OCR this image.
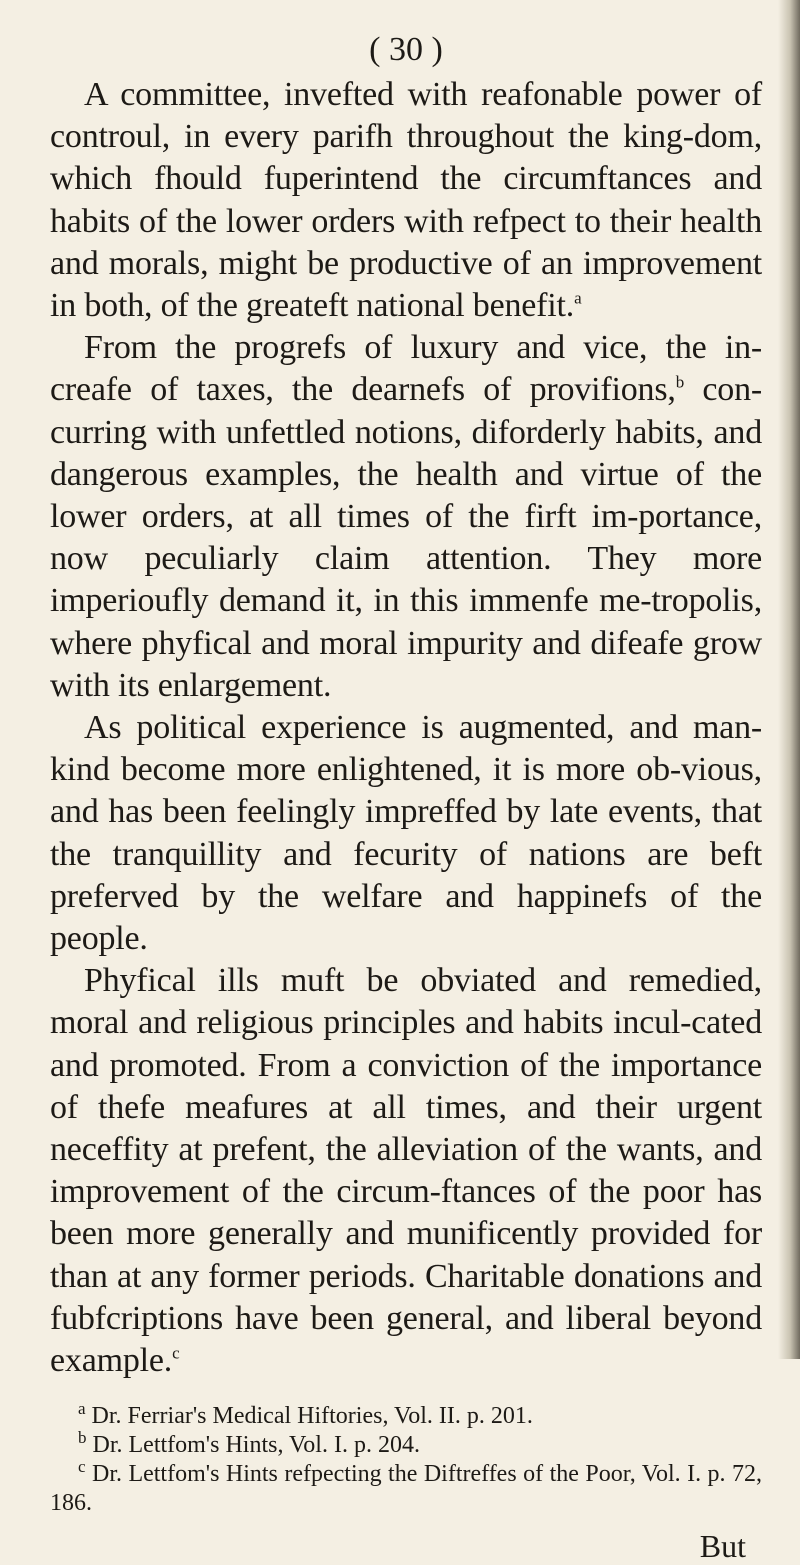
( 30 )

A committee, invefted with reafonable power of controul, in every parifh throughout the king-dom, which fhould fuperintend the circumftances and habits of the lower orders with refpect to their health and morals, might be productive of an improvement in both, of the greateft national benefit.$^a$

From the progrefs of luxury and vice, the in-creafe of taxes, the dearnefs of provifions,$^b$ con-curring with unfettled notions, diforderly habits, and dangerous examples, the health and virtue of the lower orders, at all times of the firft im-portance, now peculiarly claim attention. They more imperioufly demand it, in this immenfe me-tropolis, where phyfical and moral impurity and difeafe grow with its enlargement.

As political experience is augmented, and man-kind become more enlightened, it is more ob-vious, and has been feelingly impreffed by late events, that the tranquillity and fecurity of nations are beft preferved by the welfare and happinefs of the people.

Phyfical ills muft be obviated and remedied, moral and religious principles and habits incul-cated and promoted. From a conviction of the importance of thefe meafures at all times, and their urgent neceffity at prefent, the alleviation of the wants, and improvement of the circum-ftances of the poor has been more generally and munificently provided for than at any former periods. Charitable donations and fubfcriptions have been general, and liberal beyond example.$^c$

$^a$ Dr. Ferriar's Medical Hiftories, Vol. II. p. 201.

$^b$ Dr. Lettfom's Hints, Vol. I. p. 204.

$^c$ Dr. Lettfom's Hints refpecting the Diftreffes of the Poor, Vol. I. p. 72, 186.

But
